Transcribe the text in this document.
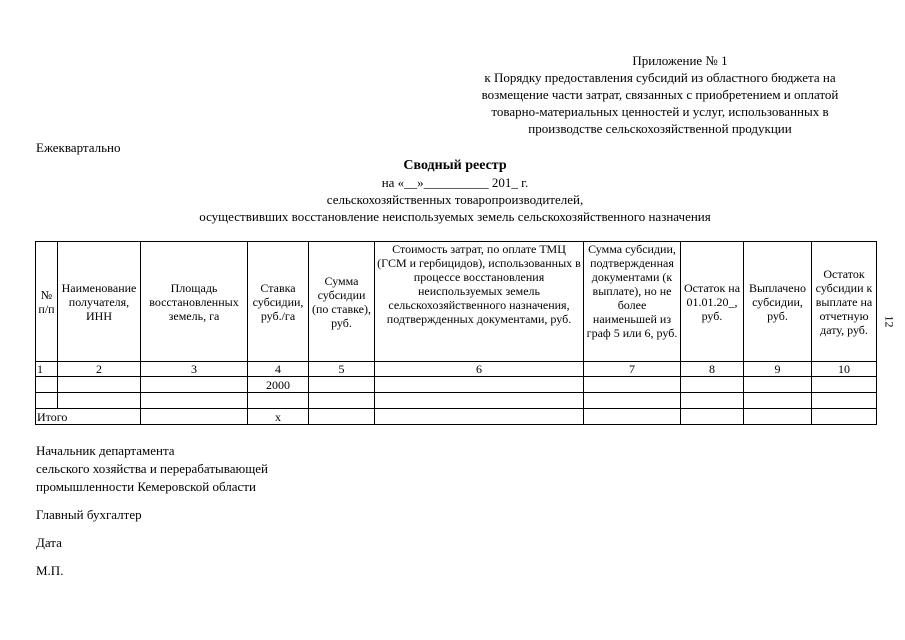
Приложение № 1
к Порядку предоставления субсидий из областного бюджета на
возмещение части затрат, связанных с приобретением и оплатой
товарно-материальных ценностей и услуг, использованных в
производстве сельскохозяйственной продукции
Ежеквартально
Сводный реестр
на «__»__________ 201_ г.
сельскохозяйственных товаропроизводителей,
осуществивших восстановление неиспользуемых земель сельскохозяйственного назначения
№ п/п	Наименование получателя, ИНН	Площадь восстановленных земель, га	Ставка субсидии, руб./га	Сумма субсидии (по ставке), руб.	Стоимость затрат, по оплате ТМЦ (ГСМ и гербицидов), использованных в процессе восстановления неиспользуемых земель сельскохозяйственного назначения, подтвержденных документами, руб.	Сумма субсидии, подтвержденная документами (к выплате), но не более наименьшей из граф 5 или 6, руб.	Остаток на 01.01.20_, руб.	Выплачено субсидии, руб.	Остаток субсидии к выплате на отчетную дату, руб.
1	2	3	4	5	6	7	8	9	10
			2000						

Итого			х						
12
Начальник департамента
сельского хозяйства и перерабатывающей
промышленности Кемеровской области
Главный бухгалтер
Дата
М.П.
